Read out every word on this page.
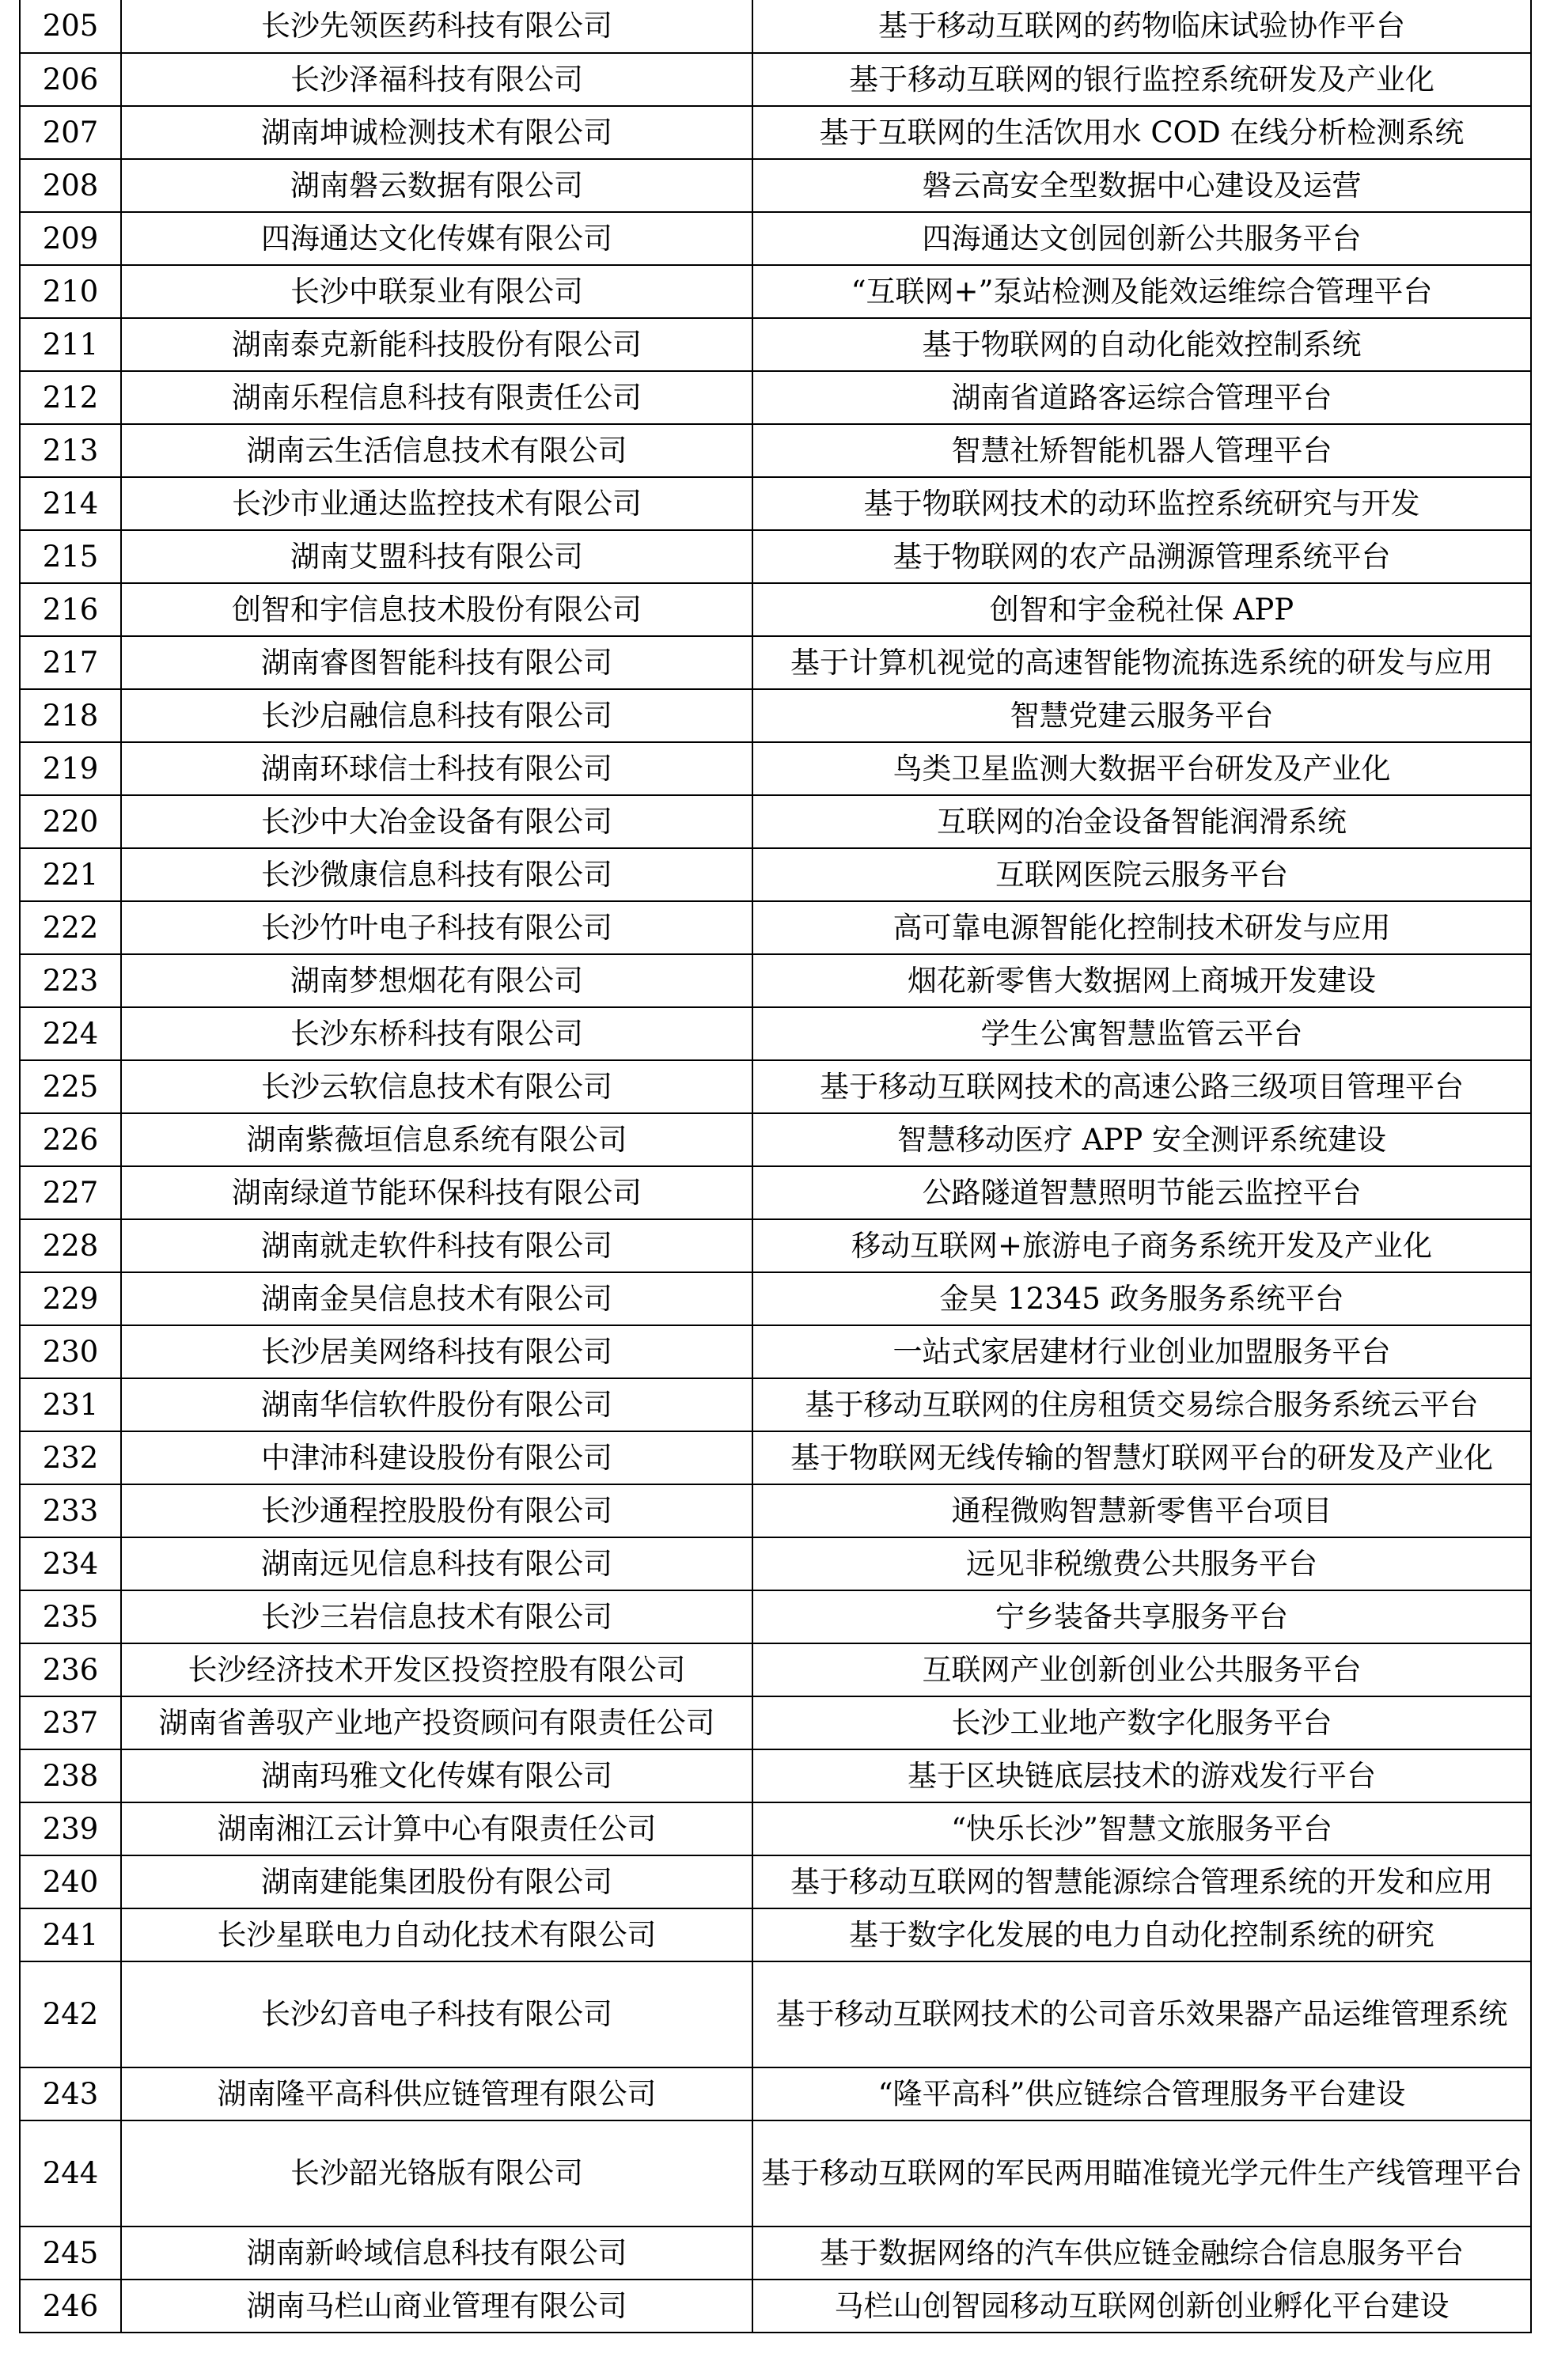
205	长沙先领医药科技有限公司	基于移动互联网的药物临床试验协作平台
206	长沙泽福科技有限公司	基于移动互联网的银行监控系统研发及产业化
207	湖南坤诚检测技术有限公司	基于互联网的生活饮用水 COD 在线分析检测系统
208	湖南磐云数据有限公司	磐云高安全型数据中心建设及运营
209	四海通达文化传媒有限公司	四海通达文创园创新公共服务平台
210	长沙中联泵业有限公司	“互联网+”泵站检测及能效运维综合管理平台
211	湖南泰克新能科技股份有限公司	基于物联网的自动化能效控制系统
212	湖南乐程信息科技有限责任公司	湖南省道路客运综合管理平台
213	湖南云生活信息技术有限公司	智慧社矫智能机器人管理平台
214	长沙市业通达监控技术有限公司	基于物联网技术的动环监控系统研究与开发
215	湖南艾盟科技有限公司	基于物联网的农产品溯源管理系统平台
216	创智和宇信息技术股份有限公司	创智和宇金税社保 APP
217	湖南睿图智能科技有限公司	基于计算机视觉的高速智能物流拣选系统的研发与应用
218	长沙启融信息科技有限公司	智慧党建云服务平台
219	湖南环球信士科技有限公司	鸟类卫星监测大数据平台研发及产业化
220	长沙中大冶金设备有限公司	互联网的冶金设备智能润滑系统
221	长沙微康信息科技有限公司	互联网医院云服务平台
222	长沙竹叶电子科技有限公司	高可靠电源智能化控制技术研发与应用
223	湖南梦想烟花有限公司	烟花新零售大数据网上商城开发建设
224	长沙东桥科技有限公司	学生公寓智慧监管云平台
225	长沙云软信息技术有限公司	基于移动互联网技术的高速公路三级项目管理平台
226	湖南紫薇垣信息系统有限公司	智慧移动医疗 APP 安全测评系统建设
227	湖南绿道节能环保科技有限公司	公路隧道智慧照明节能云监控平台
228	湖南就走软件科技有限公司	移动互联网+旅游电子商务系统开发及产业化
229	湖南金昊信息技术有限公司	金昊 12345 政务服务系统平台
230	长沙居美网络科技有限公司	一站式家居建材行业创业加盟服务平台
231	湖南华信软件股份有限公司	基于移动互联网的住房租赁交易综合服务系统云平台
232	中津沛科建设股份有限公司	基于物联网无线传输的智慧灯联网平台的研发及产业化
233	长沙通程控股股份有限公司	通程微购智慧新零售平台项目
234	湖南远见信息科技有限公司	远见非税缴费公共服务平台
235	长沙三岩信息技术有限公司	宁乡装备共享服务平台
236	长沙经济技术开发区投资控股有限公司	互联网产业创新创业公共服务平台
237	湖南省善驭产业地产投资顾问有限责任公司	长沙工业地产数字化服务平台
238	湖南玛雅文化传媒有限公司	基于区块链底层技术的游戏发行平台
239	湖南湘江云计算中心有限责任公司	“快乐长沙”智慧文旅服务平台
240	湖南建能集团股份有限公司	基于移动互联网的智慧能源综合管理系统的开发和应用
241	长沙星联电力自动化技术有限公司	基于数字化发展的电力自动化控制系统的研究
242	长沙幻音电子科技有限公司	基于移动互联网技术的公司音乐效果器产品运维管理系统
243	湖南隆平高科供应链管理有限公司	“隆平高科”供应链综合管理服务平台建设
244	长沙韶光铬版有限公司	基于移动互联网的军民两用瞄准镜光学元件生产线管理平台
245	湖南新岭域信息科技有限公司	基于数据网络的汽车供应链金融综合信息服务平台
246	湖南马栏山商业管理有限公司	马栏山创智园移动互联网创新创业孵化平台建设
